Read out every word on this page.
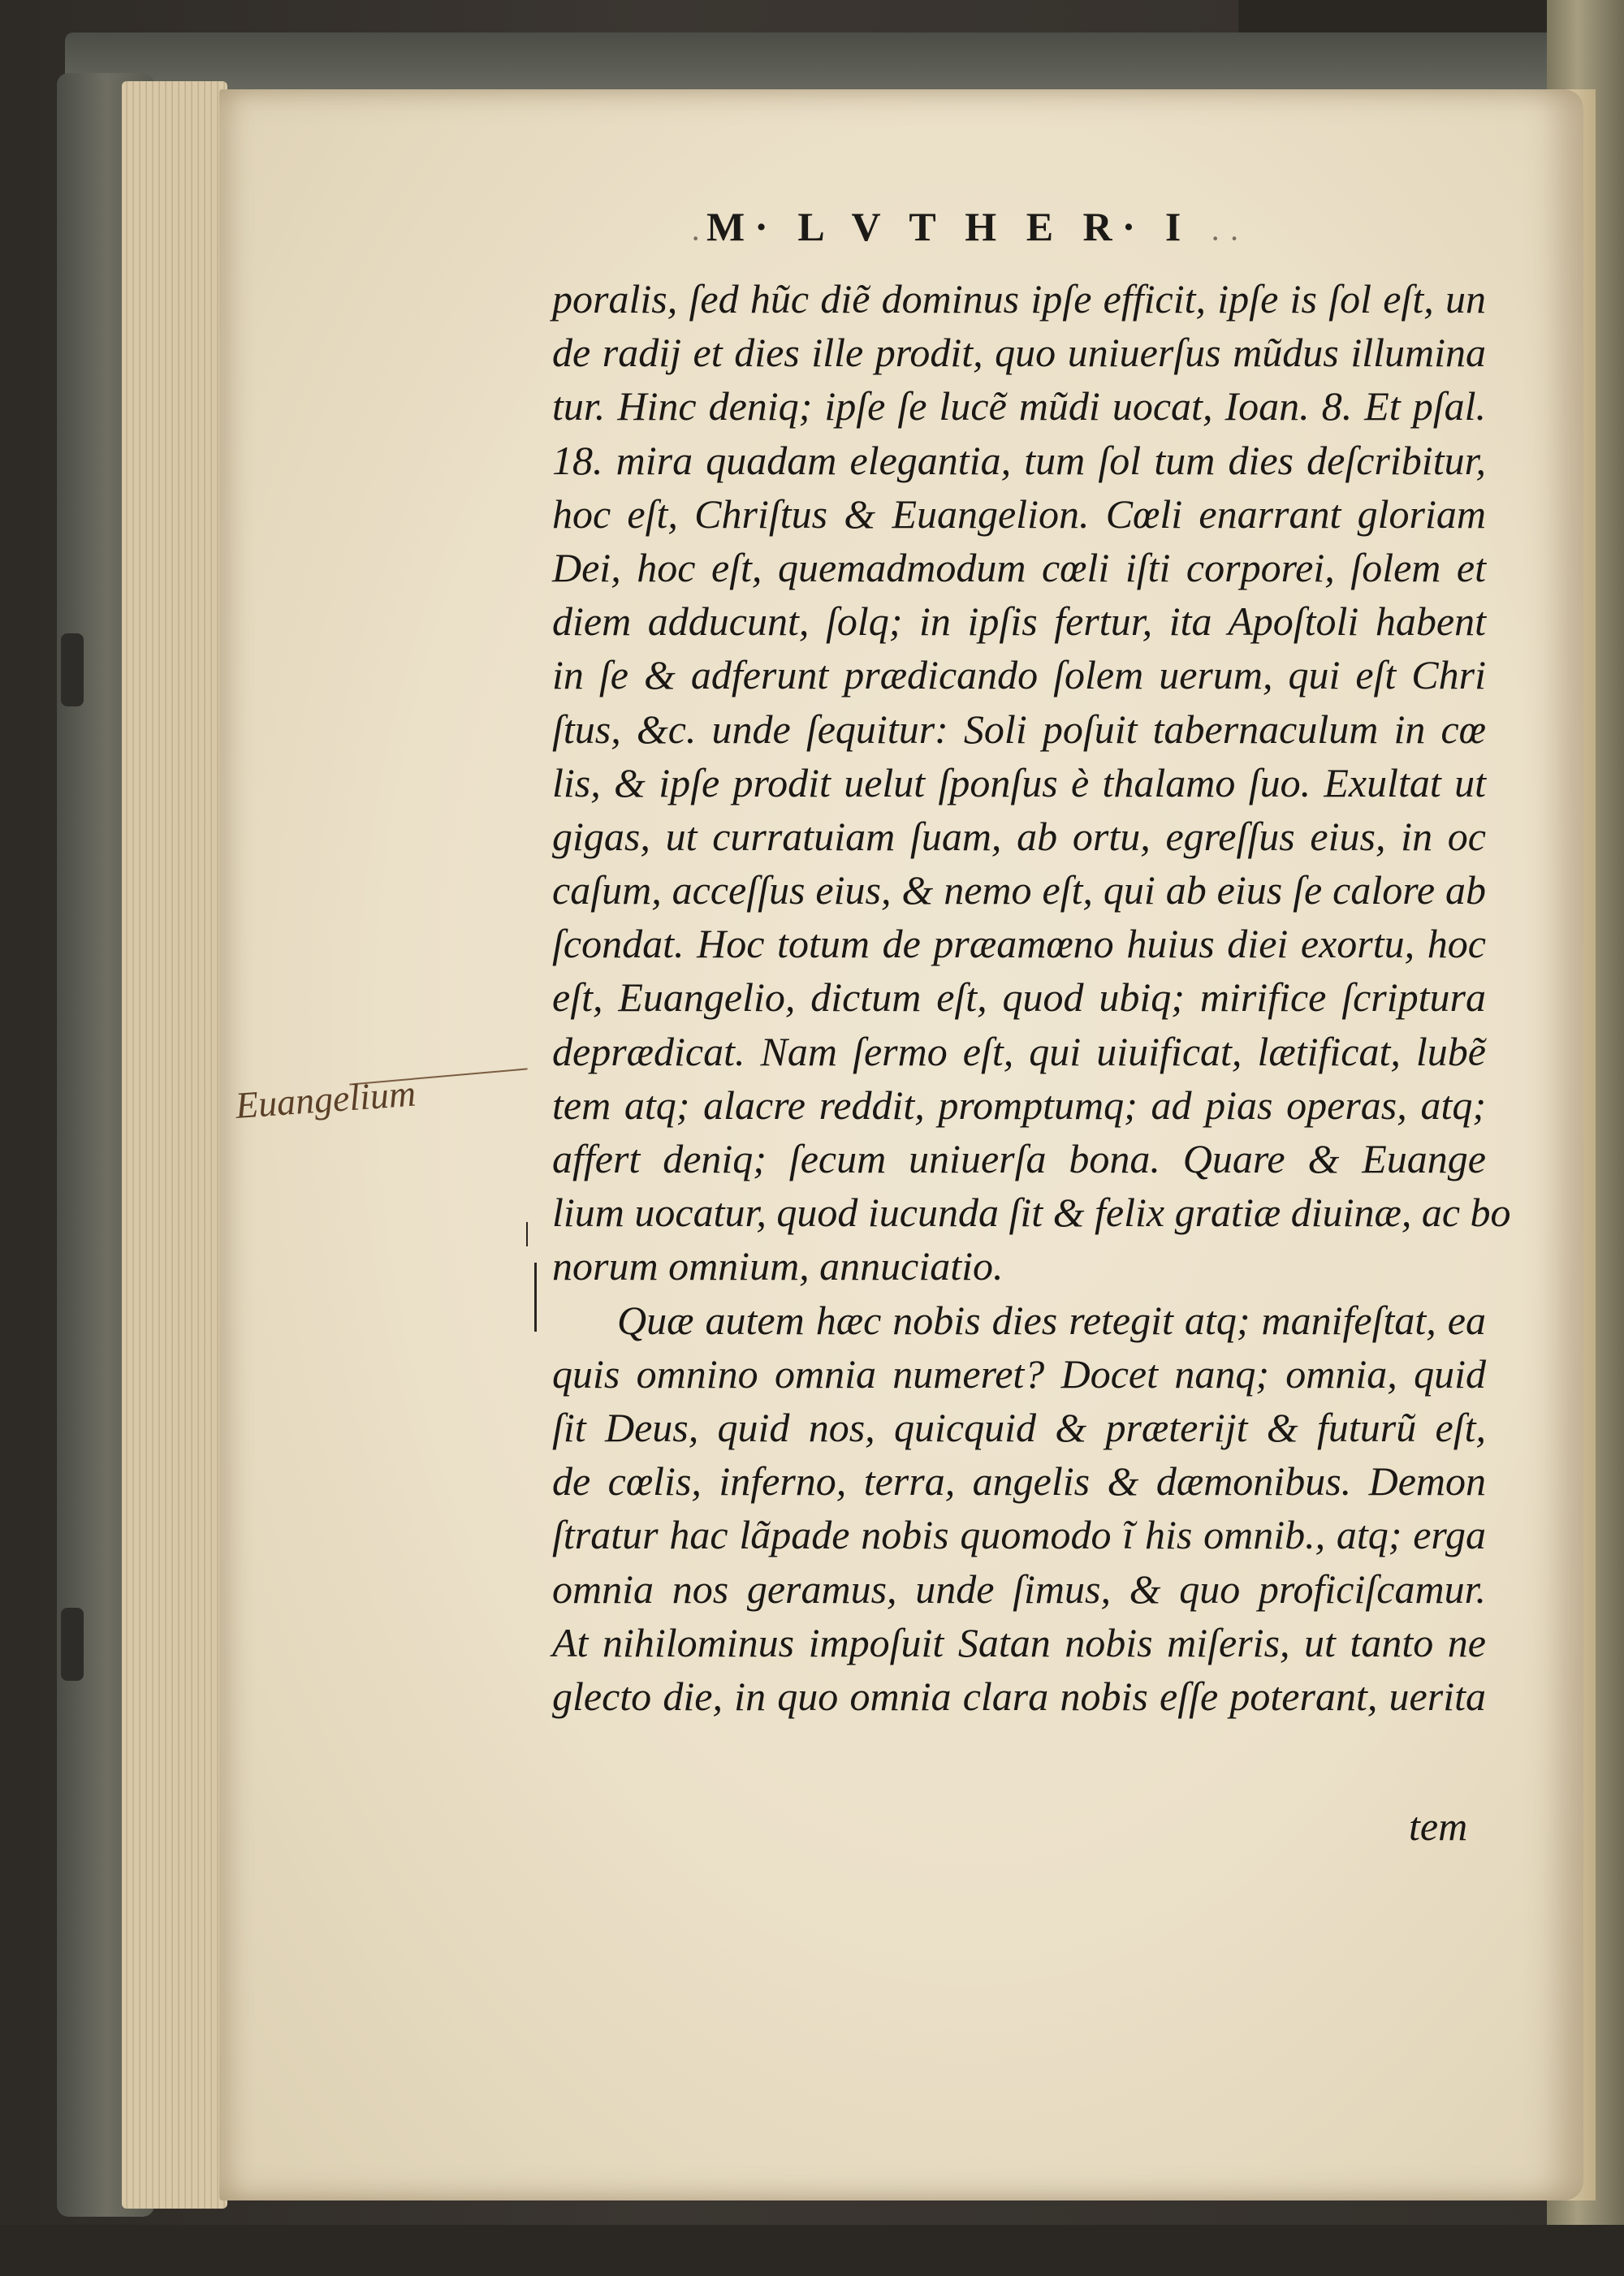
· M· L V T H E R· I · ·
poralis, ſed hũc diẽ dominus ipſe efficit, ipſe is ſol eſt, un
de radij et dies ille prodit, quo uniuerſus mũdus illumina
tur. Hinc deniq; ipſe ſe lucẽ mũdi uocat, Ioan. 8. Et pſal.
18. mira quadam elegantia, tum ſol tum dies deſcribitur,
hoc eſt, Chriſtus & Euangelion. Cœli enarrant gloriam
Dei, hoc eſt, quemadmodum cœli iſti corporei, ſolem et
diem adducunt, ſolq; in ipſis fertur, ita Apoſtoli habent
in ſe & adferunt prædicando ſolem uerum, qui eſt Chri
ſtus, &c. unde ſequitur: Soli poſuit tabernaculum in cœ
lis, & ipſe prodit uelut ſponſus è thalamo ſuo. Exultat ut
gigas, ut curratuiam ſuam, ab ortu, egreſſus eius, in oc
caſum, acceſſus eius, & nemo eſt, qui ab eius ſe calore ab
ſcondat. Hoc totum de præamœno huius diei exortu, hoc
eſt, Euangelio, dictum eſt, quod ubiq; mirifice ſcriptura
deprædicat. Nam ſermo eſt, qui uiuificat, lætificat, lubẽ
tem atq; alacre reddit, promptumq; ad pias operas, atq;
affert deniq; ſecum uniuerſa bona. Quare & Euange
lium uocatur, quod iucunda ſit & felix gratiæ diuinæ, ac bo
norum omnium, annuciatio.
Quæ autem hæc nobis dies retegit atq; manifeſtat, ea
quis omnino omnia numeret? Docet nanq; omnia, quid
ſit Deus, quid nos, quicquid & præterijt & futurũ eſt,
de cœlis, inferno, terra, angelis & dæmonibus. Demon
ſtratur hac lãpade nobis quomodo ĩ his omnib., atq; erga
omnia nos geramus, unde ſimus, & quo proficiſcamur.
At nihilominus impoſuit Satan nobis miſeris, ut tanto ne
glecto die, in quo omnia clara nobis eſſe poterant, uerita
tem
Euangelium
